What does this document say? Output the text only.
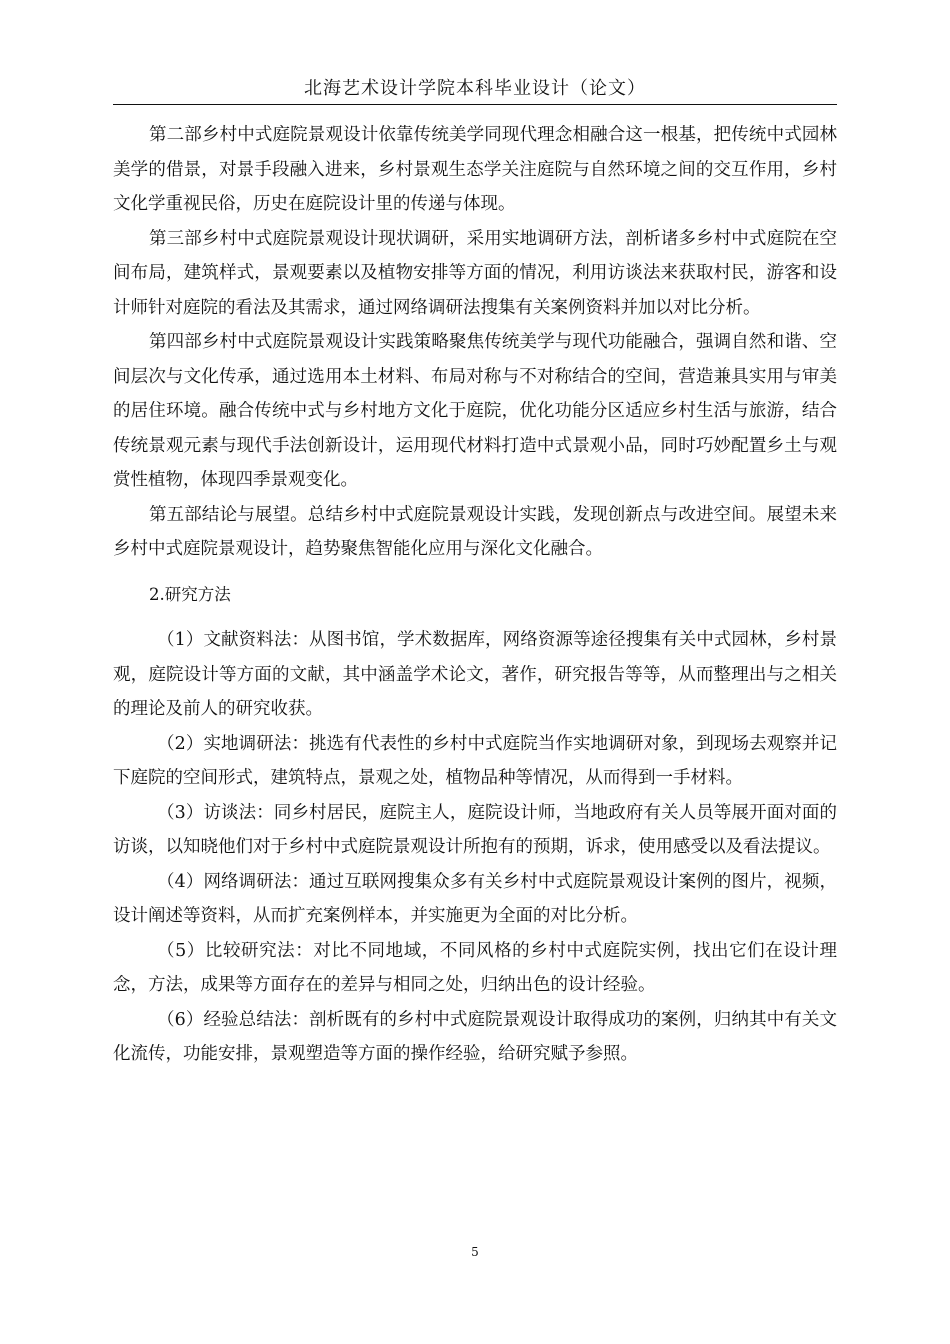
北海艺术设计学院本科毕业设计（论文）

第二部乡村中式庭院景观设计依靠传统美学同现代理念相融合这一根基，把传统中式园林美学的借景，对景手段融入进来，乡村景观生态学关注庭院与自然环境之间的交互作用，乡村文化学重视民俗，历史在庭院设计里的传递与体现。

第三部乡村中式庭院景观设计现状调研，采用实地调研方法，剖析诸多乡村中式庭院在空间布局，建筑样式，景观要素以及植物安排等方面的情况，利用访谈法来获取村民，游客和设计师针对庭院的看法及其需求，通过网络调研法搜集有关案例资料并加以对比分析。

第四部乡村中式庭院景观设计实践策略聚焦传统美学与现代功能融合，强调自然和谐、空间层次与文化传承，通过选用本土材料、布局对称与不对称结合的空间，营造兼具实用与审美的居住环境。融合传统中式与乡村地方文化于庭院，优化功能分区适应乡村生活与旅游，结合传统景观元素与现代手法创新设计，运用现代材料打造中式景观小品，同时巧妙配置乡土与观赏性植物，体现四季景观变化。

第五部结论与展望。总结乡村中式庭院景观设计实践，发现创新点与改进空间。展望未来乡村中式庭院景观设计，趋势聚焦智能化应用与深化文化融合。

2.研究方法

（1）文献资料法：从图书馆，学术数据库，网络资源等途径搜集有关中式园林，乡村景观，庭院设计等方面的文献，其中涵盖学术论文，著作，研究报告等等，从而整理出与之相关的理论及前人的研究收获。

（2）实地调研法：挑选有代表性的乡村中式庭院当作实地调研对象，到现场去观察并记下庭院的空间形式，建筑特点，景观之处，植物品种等情况，从而得到一手材料。

（3）访谈法：同乡村居民，庭院主人，庭院设计师，当地政府有关人员等展开面对面的访谈，以知晓他们对于乡村中式庭院景观设计所抱有的预期，诉求，使用感受以及看法提议。

（4）网络调研法：通过互联网搜集众多有关乡村中式庭院景观设计案例的图片，视频，设计阐述等资料，从而扩充案例样本，并实施更为全面的对比分析。

（5）比较研究法：对比不同地域，不同风格的乡村中式庭院实例，找出它们在设计理念，方法，成果等方面存在的差异与相同之处，归纳出色的设计经验。

（6）经验总结法：剖析既有的乡村中式庭院景观设计取得成功的案例，归纳其中有关文化流传，功能安排，景观塑造等方面的操作经验，给研究赋予参照。

5
